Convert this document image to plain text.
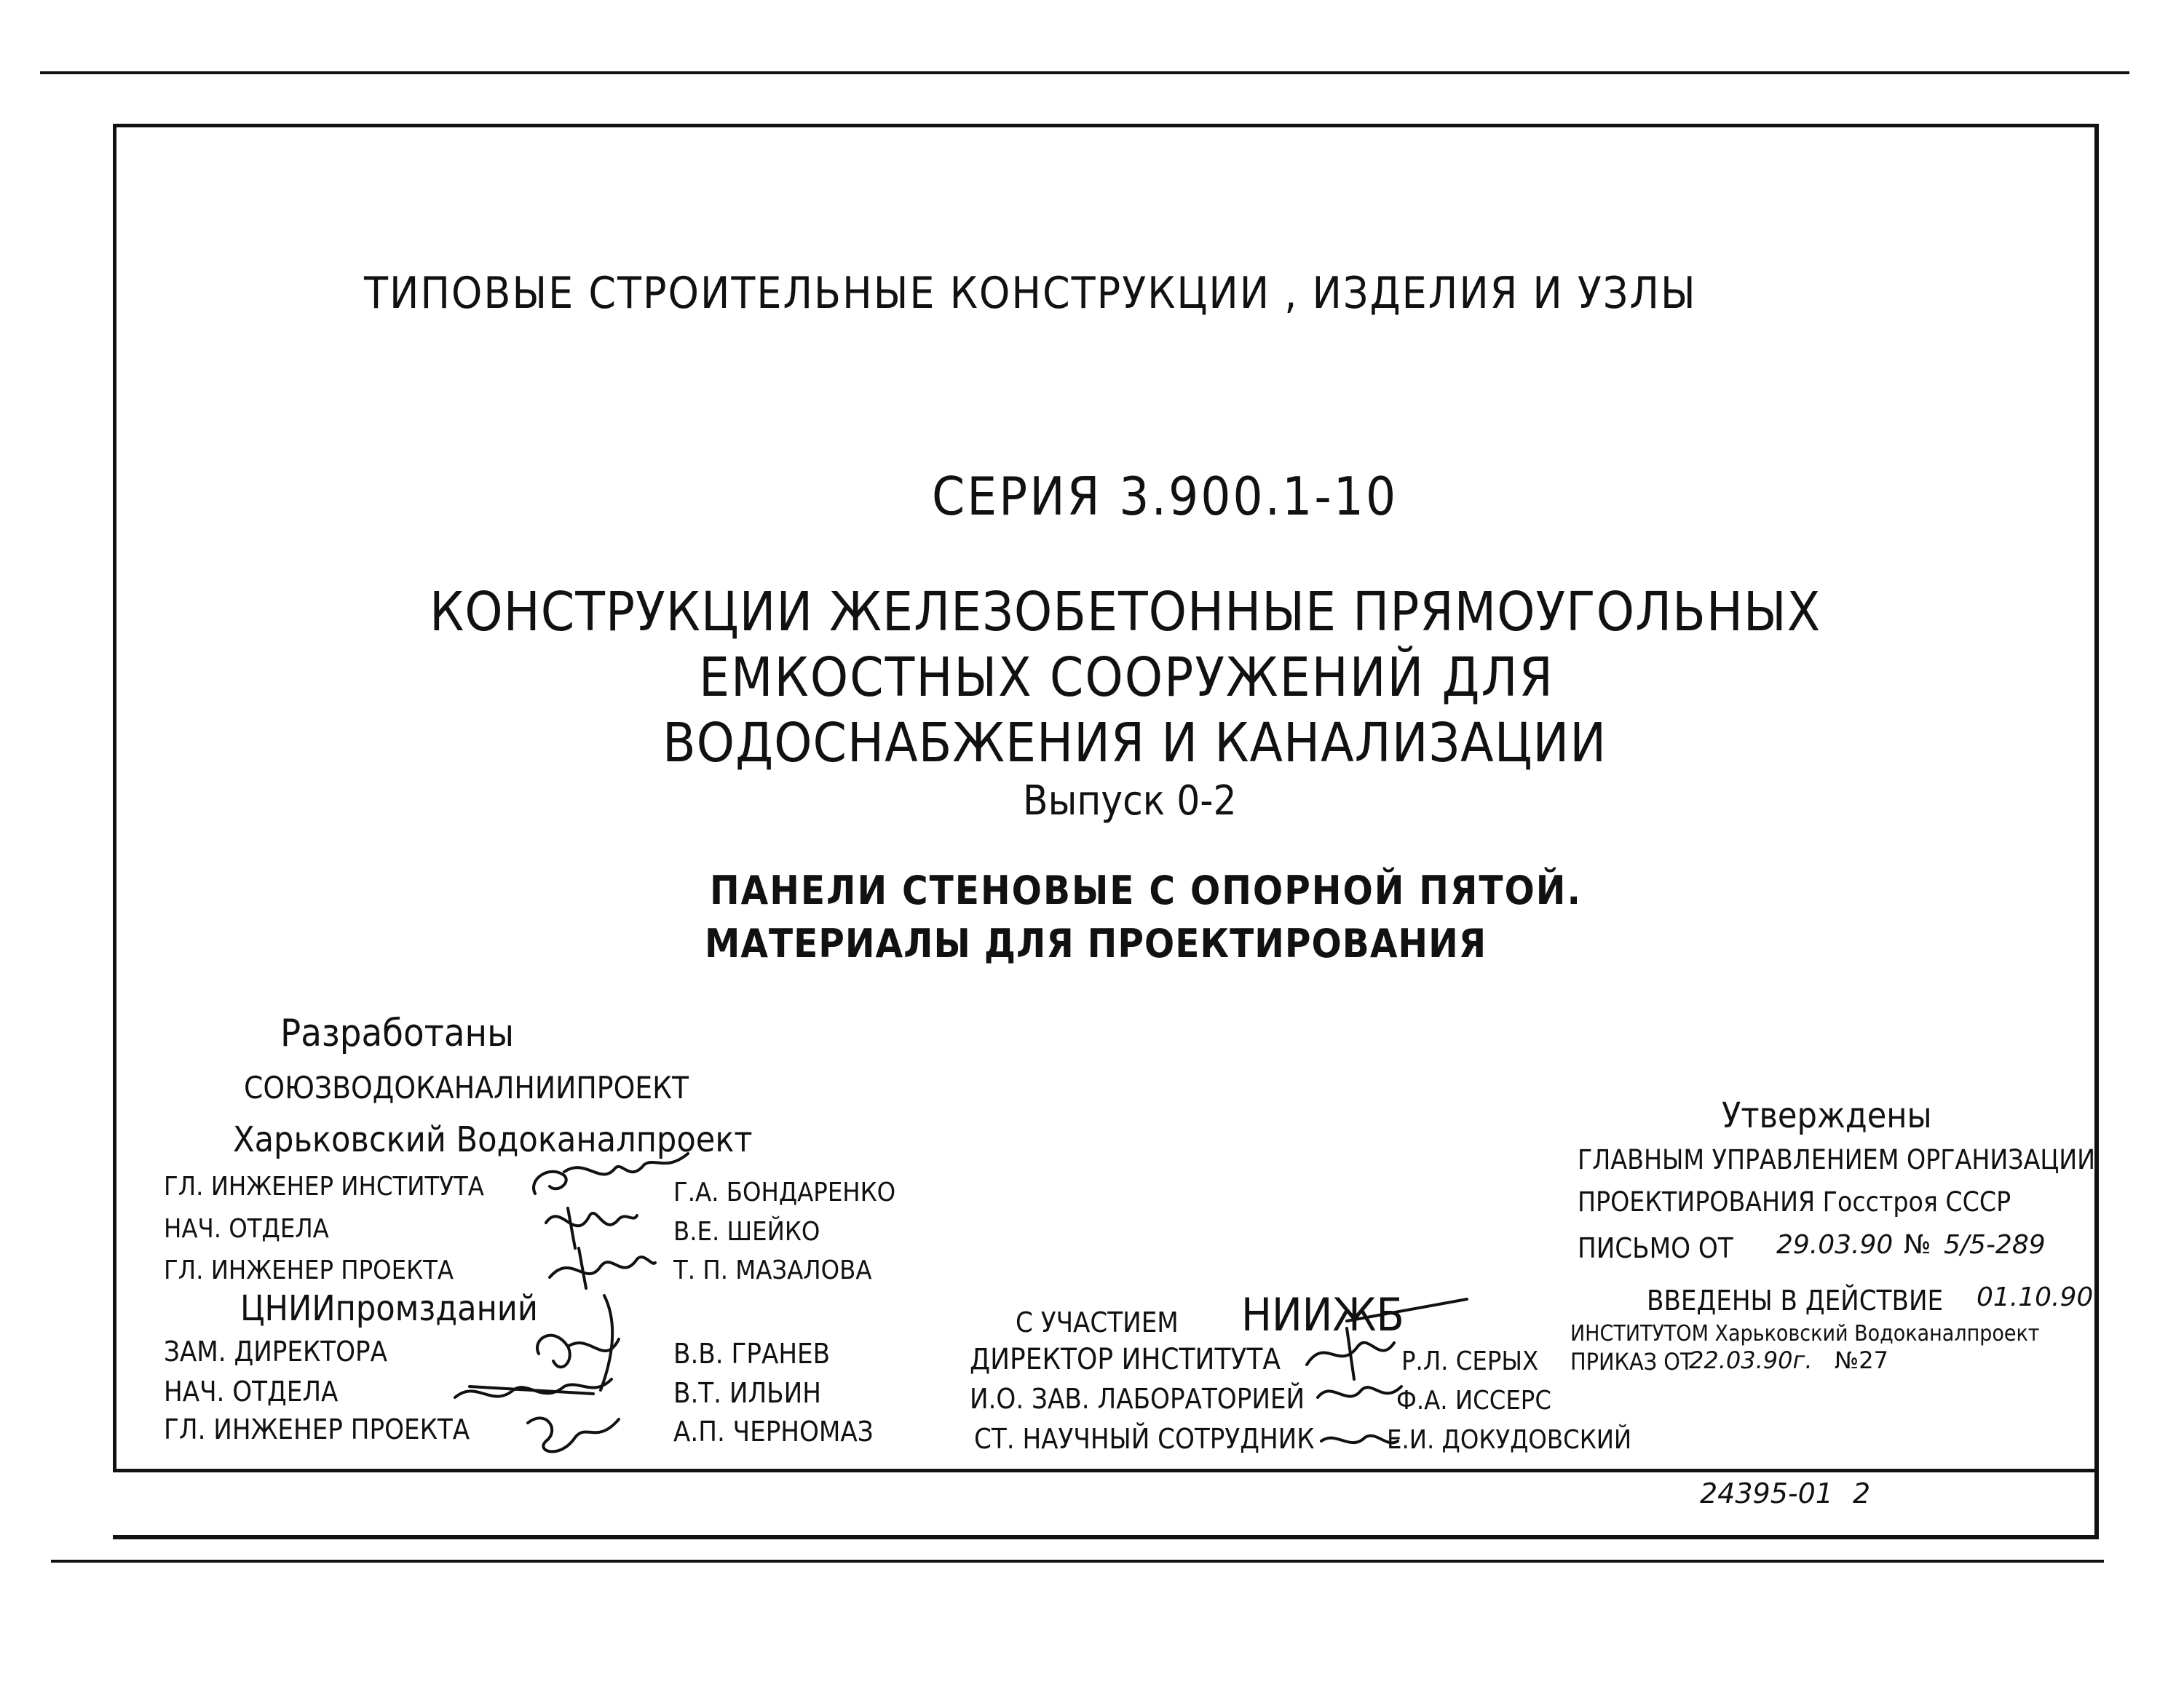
ТИПОВЫЕ СТРОИТЕЛЬНЫЕ КОНСТРУКЦИИ , ИЗДЕЛИЯ И УЗЛЫ
СЕРИЯ 3.900.1-10
КОНСТРУКЦИИ ЖЕЛЕЗОБЕТОННЫЕ ПРЯМОУГОЛЬНЫХ
ЕМКОСТНЫХ СООРУЖЕНИЙ ДЛЯ
ВОДОСНАБЖЕНИЯ И КАНАЛИЗАЦИИ
Выпуск 0-2
ПАНЕЛИ СТЕНОВЫЕ С ОПОРНОЙ ПЯТОЙ.
МАТЕРИАЛЫ ДЛЯ ПРОЕКТИРОВАНИЯ
Разработаны
СОЮЗВОДОКАНАЛНИИПРОЕКТ
Харьковский Водоканалпроект
ГЛ. ИНЖЕНЕР ИНСТИТУТА	Г.А. БОНДАРЕНКО
НАЧ. ОТДЕЛА	В.Е. ШЕЙКО
ГЛ. ИНЖЕНЕР ПРОЕКТА	Т. П. МАЗАЛОВА
ЦНИИпромзданий
ЗАМ. ДИРЕКТОРА	В.В. ГРАНЕВ
НАЧ. ОТДЕЛА	В.Т. ИЛЬИН
ГЛ. ИНЖЕНЕР ПРОЕКТА	А.П. ЧЕРНОМАЗ
С УЧАСТИЕМ НИИЖБ
ДИРЕКТОР ИНСТИТУТА	Р.Л. СЕРЫХ
И.О. ЗАВ. ЛАБОРАТОРИЕЙ	Ф.А. ИССЕРС
СТ. НАУЧНЫЙ СОТРУДНИК	Е.И. ДОКУДОВСКИЙ
Утверждены
ГЛАВНЫМ УПРАВЛЕНИЕМ ОРГАНИЗАЦИИ
ПРОЕКТИРОВАНИЯ Госстроя СССР
ПИСЬМО ОТ 29.03.90 № 5/5-289
ВВЕДЕНЫ В ДЕЙСТВИЕ 01.10.90
ИНСТИТУТОМ Харьковский Водоканалпроект
ПРИКАЗ ОТ
22.03.90г. №27
24395-01 2
